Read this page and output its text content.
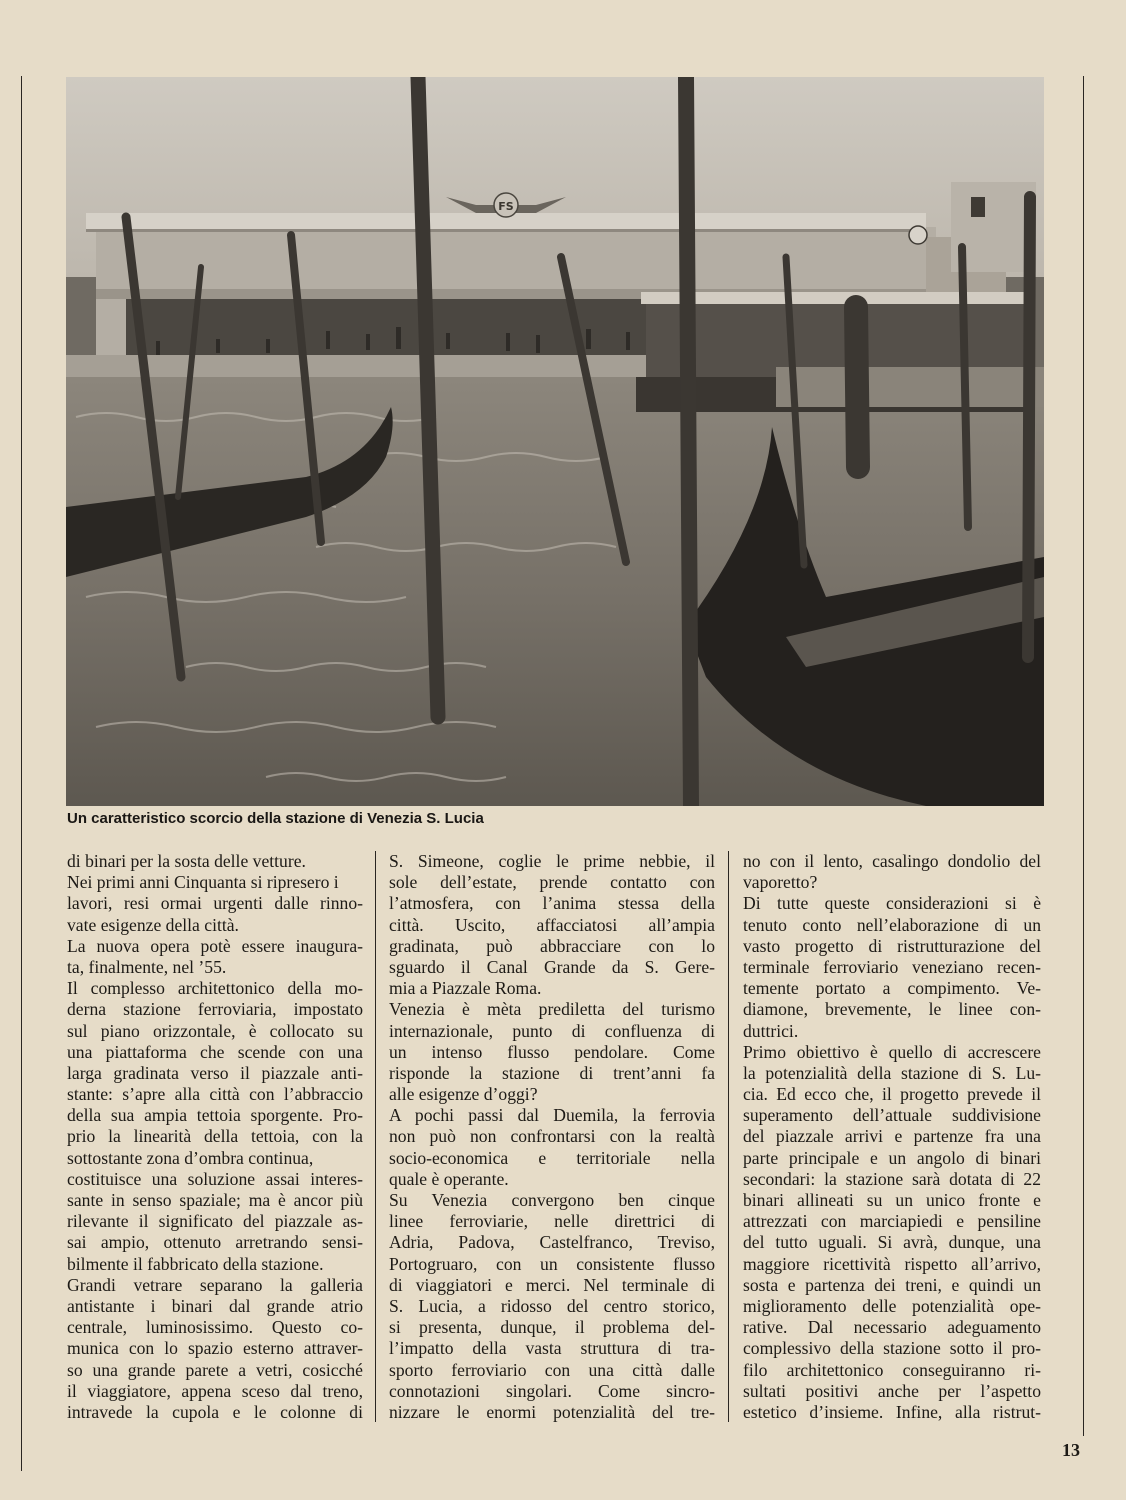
FS
Un caratteristico scorcio della stazione di Venezia S. Lucia
di binari per la sosta delle vetture.
Nei primi anni Cinquanta si ripresero i
lavori, resi ormai urgenti dalle rinno-
vate esigenze della città.
La nuova opera potè essere inaugura-
ta, finalmente, nel ’55.
Il complesso architettonico della mo-
derna stazione ferroviaria, impostato
sul piano orizzontale, è collocato su
una piattaforma che scende con una
larga gradinata verso il piazzale anti-
stante: s’apre alla città con l’abbraccio
della sua ampia tettoia sporgente. Pro-
prio la linearità della tettoia, con la
sottostante zona d’ombra continua,
costituisce una soluzione assai interes-
sante in senso spaziale; ma è ancor più
rilevante il significato del piazzale as-
sai ampio, ottenuto arretrando sensi-
bilmente il fabbricato della stazione.
Grandi vetrare separano la galleria
antistante i binari dal grande atrio
centrale, luminosissimo. Questo co-
munica con lo spazio esterno attraver-
so una grande parete a vetri, cosicché
il viaggiatore, appena sceso dal treno,
intravede la cupola e le colonne di
S. Simeone, coglie le prime nebbie, il
sole dell’estate, prende contatto con
l’atmosfera, con l’anima stessa della
città. Uscito, affacciatosi all’ampia
gradinata, può abbracciare con lo
sguardo il Canal Grande da S. Gere-
mia a Piazzale Roma.
Venezia è mèta prediletta del turismo
internazionale, punto di confluenza di
un intenso flusso pendolare. Come
risponde la stazione di trent’anni fa
alle esigenze d’oggi?
A pochi passi dal Duemila, la ferrovia
non può non confrontarsi con la realtà
socio-economica e territoriale nella
quale è operante.
Su Venezia convergono ben cinque
linee ferroviarie, nelle direttrici di
Adria, Padova, Castelfranco, Treviso,
Portogruaro, con un consistente flusso
di viaggiatori e merci. Nel terminale di
S. Lucia, a ridosso del centro storico,
si presenta, dunque, il problema del-
l’impatto della vasta struttura di tra-
sporto ferroviario con una città dalle
connotazioni singolari. Come sincro-
nizzare le enormi potenzialità del tre-
no con il lento, casalingo dondolio del
vaporetto?
Di tutte queste considerazioni si è
tenuto conto nell’elaborazione di un
vasto progetto di ristrutturazione del
terminale ferroviario veneziano recen-
temente portato a compimento. Ve-
diamone, brevemente, le linee con-
duttrici.
Primo obiettivo è quello di accrescere
la potenzialità della stazione di S. Lu-
cia. Ed ecco che, il progetto prevede il
superamento dell’attuale suddivisione
del piazzale arrivi e partenze fra una
parte principale e un angolo di binari
secondari: la stazione sarà dotata di 22
binari allineati su un unico fronte e
attrezzati con marciapiedi e pensiline
del tutto uguali. Si avrà, dunque, una
maggiore ricettività rispetto all’arrivo,
sosta e partenza dei treni, e quindi un
miglioramento delle potenzialità ope-
rative. Dal necessario adeguamento
complessivo della stazione sotto il pro-
filo architettonico conseguiranno ri-
sultati positivi anche per l’aspetto
estetico d’insieme. Infine, alla ristrut-
13
